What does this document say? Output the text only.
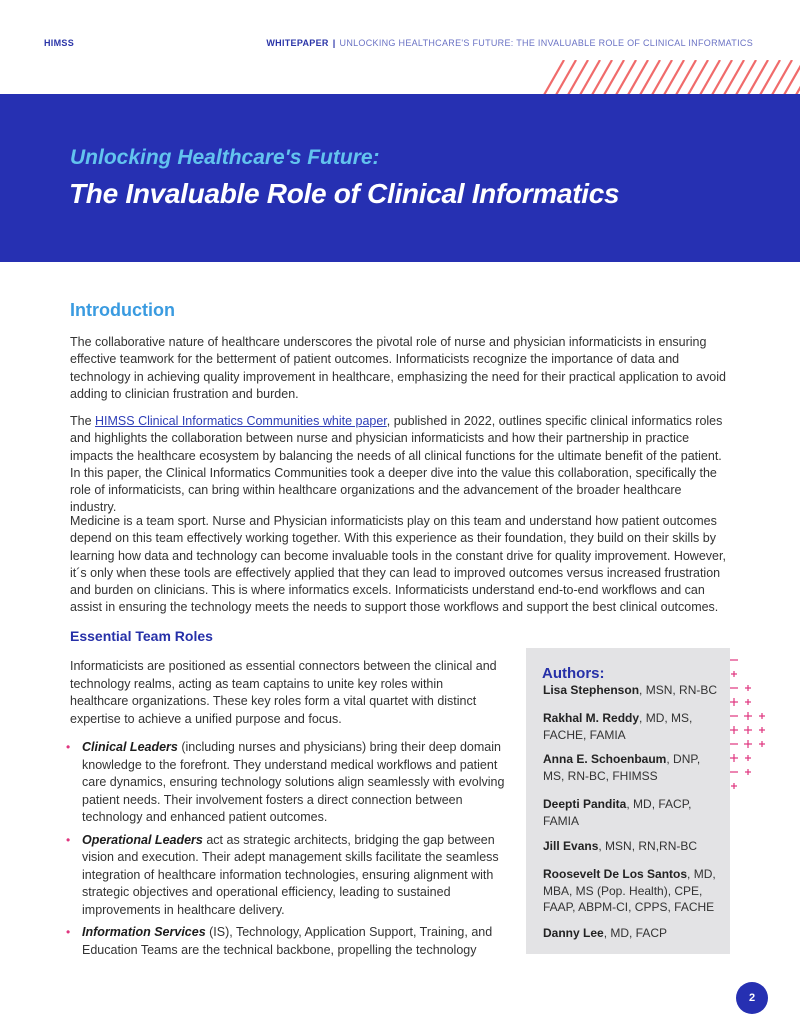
HIMSS	WHITEPAPER | UNLOCKING HEALTHCARE'S FUTURE: THE INVALUABLE ROLE OF CLINICAL INFORMATICS
Unlocking Healthcare's Future:
The Invaluable Role of Clinical Informatics
Introduction

The collaborative nature of healthcare underscores the pivotal role of nurse and physician informaticists in ensuring effective teamwork for the betterment of patient outcomes. Informaticists recognize the importance of data and technology in achieving quality improvement in healthcare, emphasizing the need for their practical application to avoid adding to clinician frustration and burden.

The HIMSS Clinical Informatics Communities white paper, published in 2022, outlines specific clinical informatics roles and highlights the collaboration between nurse and physician informaticists and how their partnership in practice impacts the healthcare ecosystem by balancing the needs of all clinical functions for the ultimate benefit of the patient. In this paper, the Clinical Informatics Communities took a deeper dive into the value this collaboration, specifically the role of informaticists, can bring within healthcare organizations and the advancement of the broader healthcare industry.

Medicine is a team sport. Nurse and Physician informaticists play on this team and understand how patient outcomes depend on this team effectively working together. With this experience as their foundation, they build on their skills by learning how data and technology can become invaluable tools in the constant drive for quality improvement. However, it´s only when these tools are effectively applied that they can lead to improved outcomes versus increased frustration and burden on clinicians. This is where informatics excels. Informaticists understand end-to-end workflows and can assist in ensuring the technology meets the needs to support those workflows and support the best clinical outcomes.

Essential Team Roles

Informaticists are positioned as essential connectors between the clinical and technology realms, acting as team captains to unite key roles within healthcare organizations. These key roles form a vital quartet with distinct expertise to achieve a unified purpose and focus.

• Clinical Leaders (including nurses and physicians) bring their deep domain knowledge to the forefront. They understand medical workflows and patient care dynamics, ensuring technology solutions align seamlessly with evolving patient needs. Their involvement fosters a direct connection between technology and enhanced patient outcomes.
• Operational Leaders act as strategic architects, bridging the gap between vision and execution. Their adept management skills facilitate the seamless integration of healthcare information technologies, ensuring alignment with strategic objectives and operational efficiency, leading to sustained improvements in healthcare delivery.
• Information Services (IS), Technology, Application Support, Training, and Education Teams are the technical backbone, propelling the technology
Authors:
Lisa Stephenson, MSN, RN-BC
Rakhal M. Reddy, MD, MS, FACHE, FAMIA
Anna E. Schoenbaum, DNP, MS, RN-BC, FHIMSS
Deepti Pandita, MD, FACP, FAMIA
Jill Evans, MSN, RN,RN-BC
Roosevelt De Los Santos, MD, MBA, MS (Pop. Health), CPE, FAAP, ABPM-CI, CPPS, FACHE
Danny Lee, MD, FACP
2
